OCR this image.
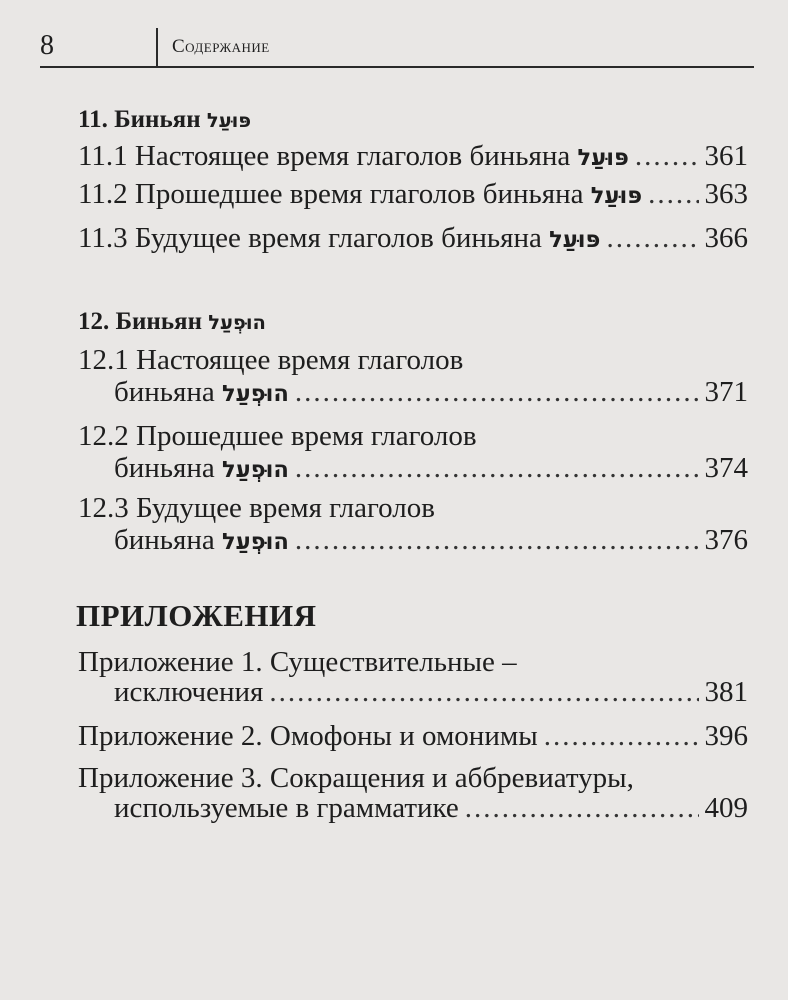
8	Содержание
11. Биньян פּוּעַל
11.1 Настоящее время глаголов биньяна פּוּעַל .....	361
11.2 Прошедшее время глаголов биньяна פּוּעַל ..... 363
11.3 Будущее время глаголов биньяна פּוּעַל .....	366
12. Биньян הוּפְעַל
12.1 Настоящее время глаголов
биньяна הוּפְעַל .....	371
12.2 Прошедшее время глаголов
биньяна הוּפְעַל .....	374
12.3 Будущее время глаголов
биньяна הוּפְעַל .....	376
ПРИЛОЖЕНИЯ
Приложение 1. Существительные –
исключения .....	381
Приложение 2. Омофоны и омонимы .....	396
Приложение 3. Сокращения и аббревиатуры,
используемые в грамматике .....	409
